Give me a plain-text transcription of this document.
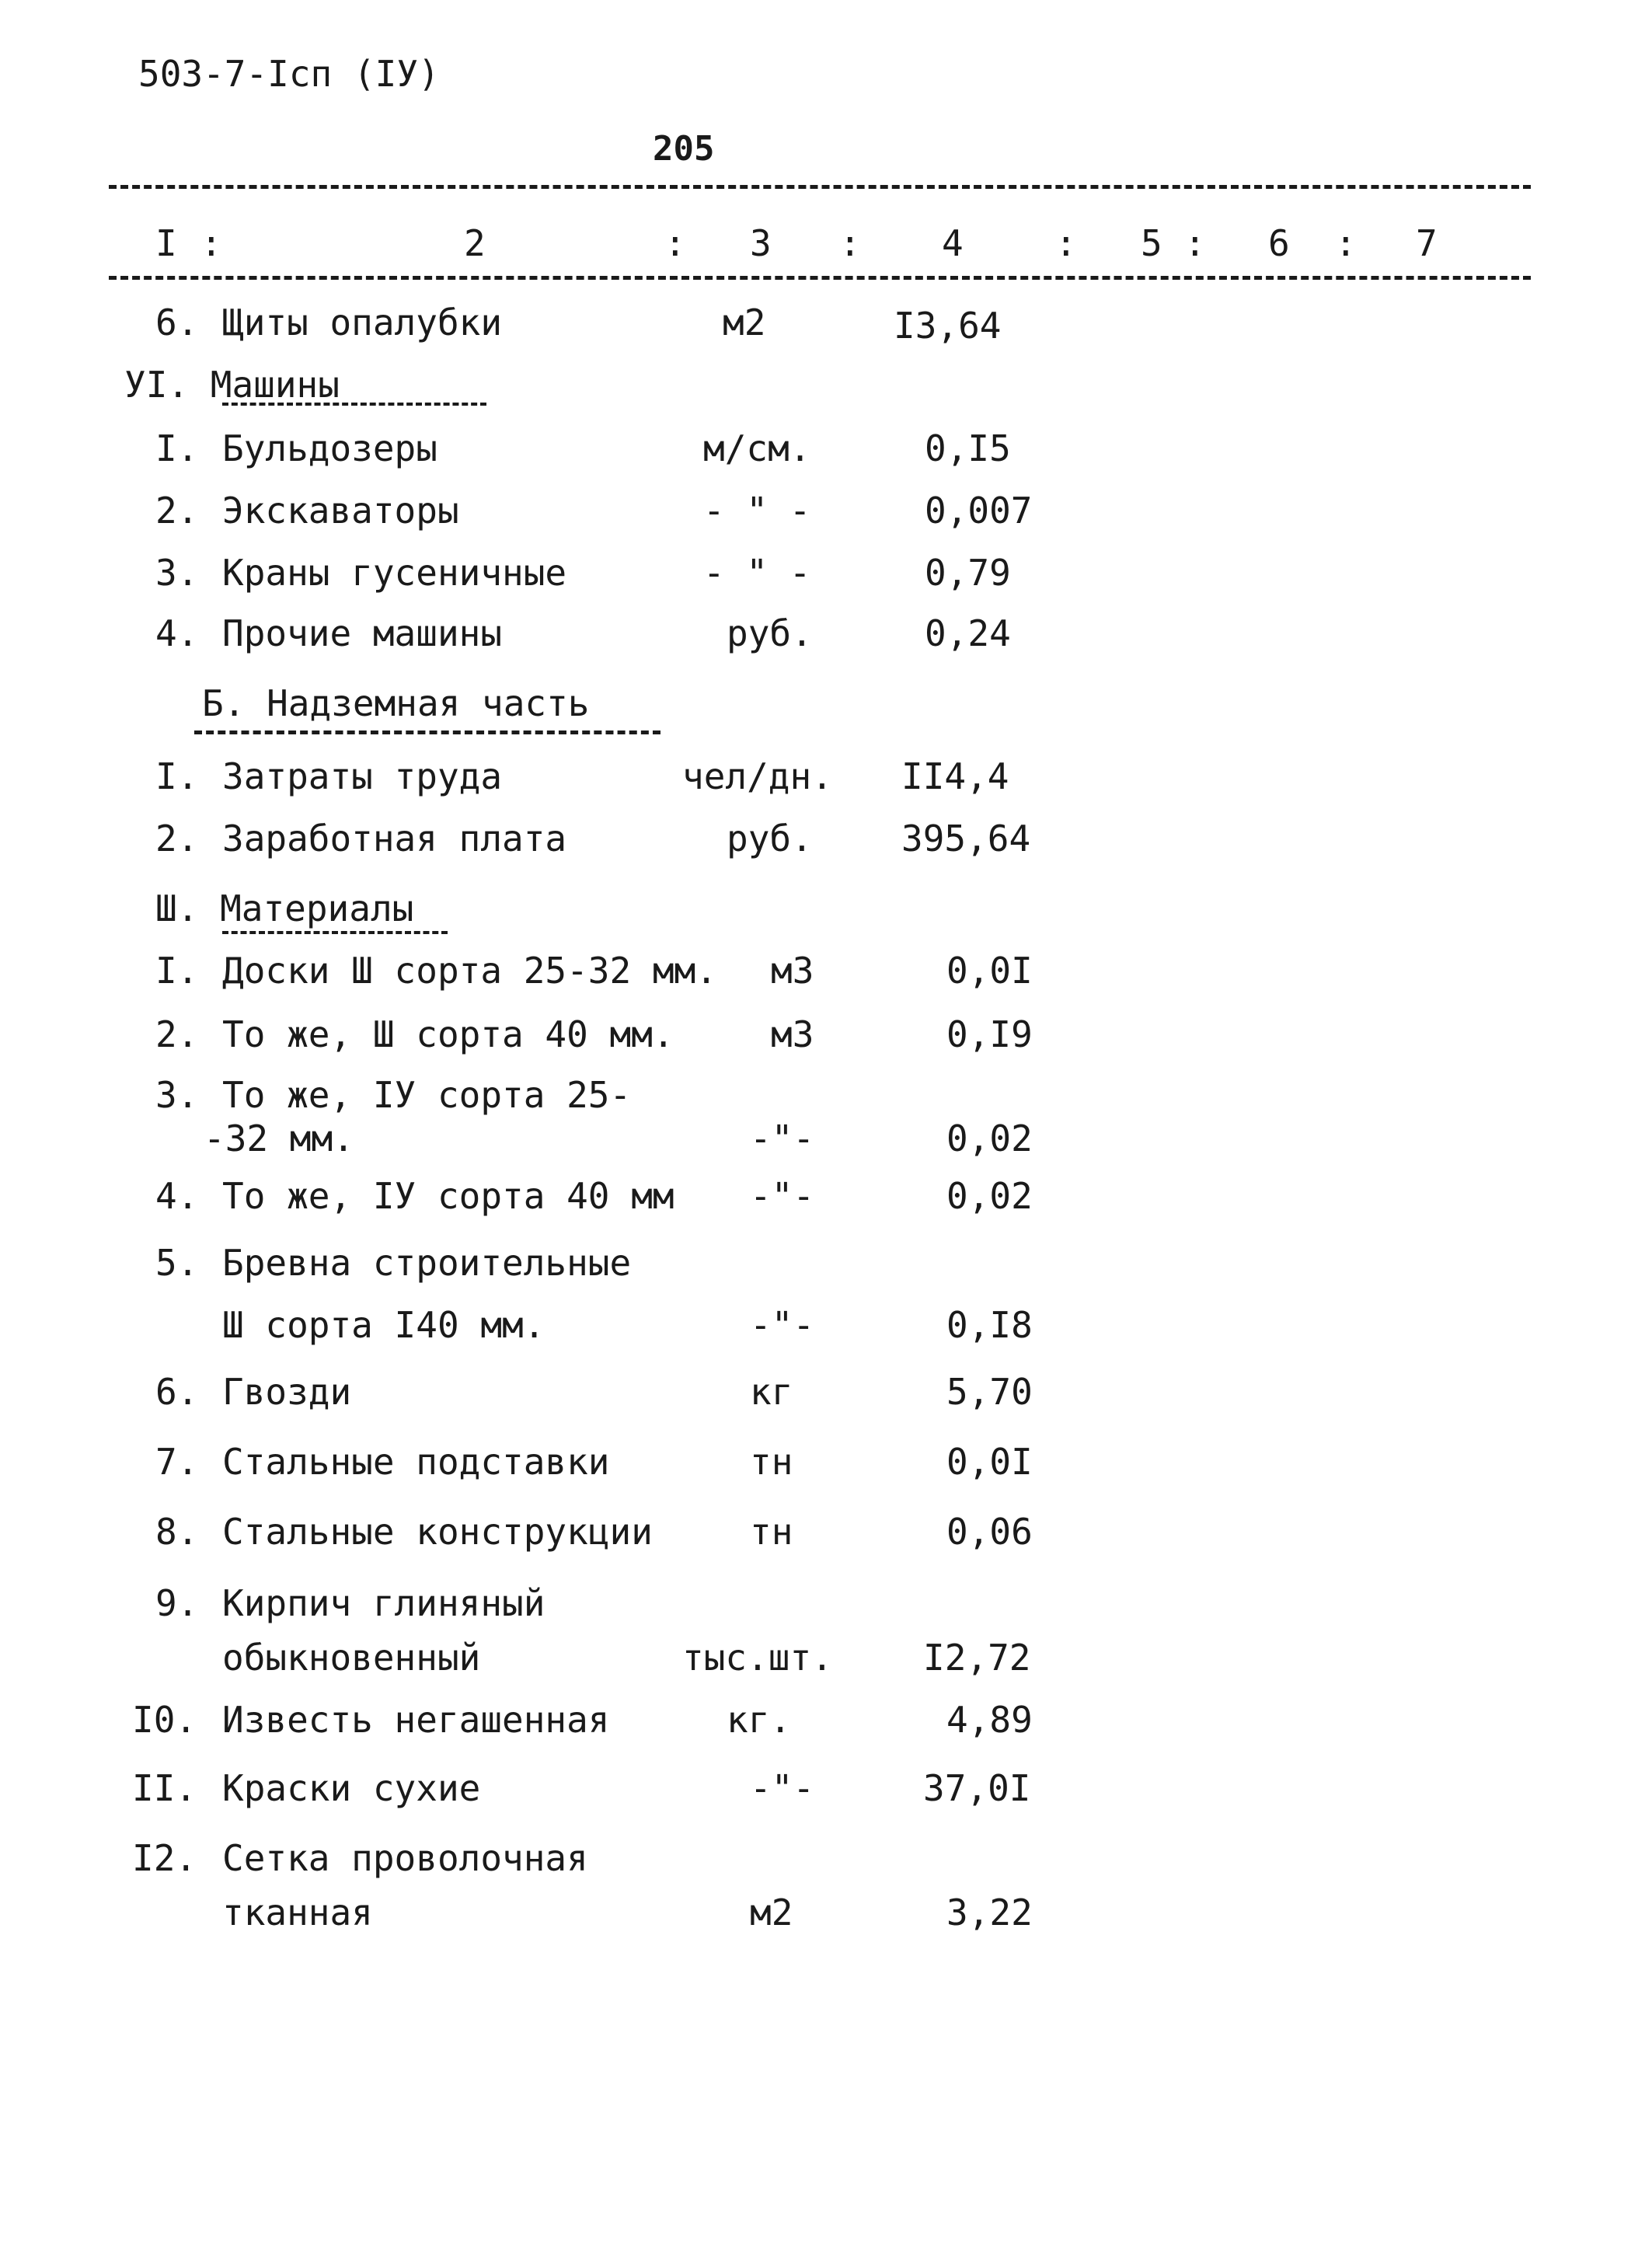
503-7-Iсп (IУ)
205
I :	2	: 3 : 4	: 5 : 6 : 7
6. Щиты опалубки	м2	I3,64
УI. Машины
I. Бульдозеры	м/см.	0,I5
2. Экскаваторы	- " -	0,007
3. Краны гусеничные	- " -	0,79
4. Прочие машины	руб.	0,24
Б. Надземная часть
I. Затраты труда	чел/дн. II4,4
2. Заработная плата	руб. 395,64
Ш. Материалы
I. Доски Ш сорта 25-32 мм. м3	0,0I
2. То же, Ш сорта 40 мм.	м3	0,I9
3. То же, IУ сорта 25-
-32 мм.	-"-	0,02
4. То же, IУ сорта 40 мм -"-	0,02
5. Бревна строительные
Ш сорта I40 мм.	-"-	0,I8
6. Гвозди	кг	5,70
7. Стальные подставки	тн	0,0I
8. Стальные конструкции	тн	0,06
9. Кирпич глиняный
обыкновенный	тыс.шт.	I2,72
I0. Известь негашенная	кг.	4,89
II. Краски сухие	-"-	37,0I
I2. Сетка проволочная
тканная	м2	3,22
